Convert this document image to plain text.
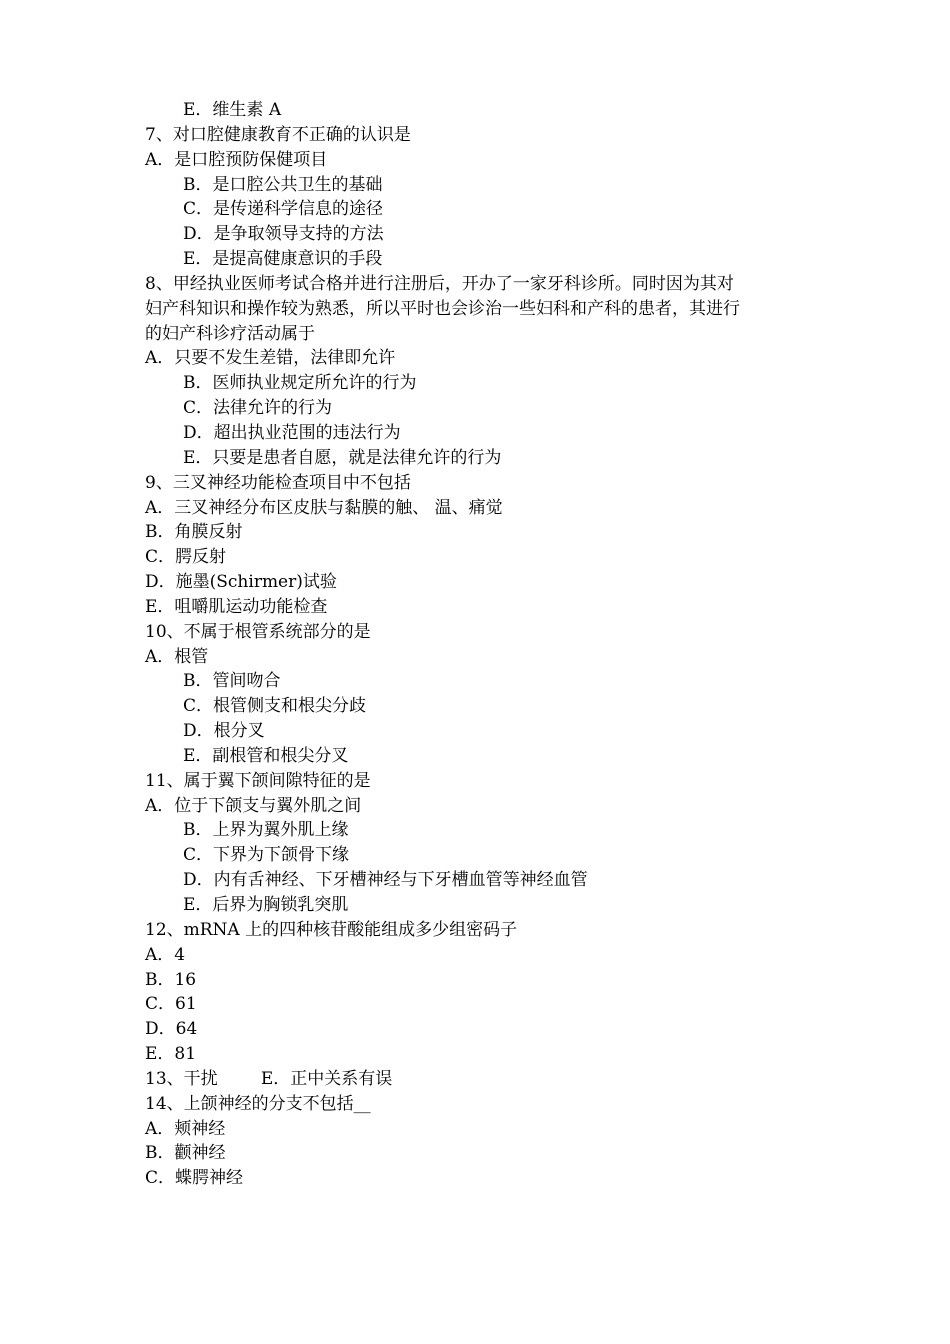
E．维生素 A
7、对口腔健康教育不正确的认识是
A．是口腔预防保健项目
B．是口腔公共卫生的基础
C．是传递科学信息的途径
D．是争取领导支持的方法
E．是提高健康意识的手段
8、甲经执业医师考试合格并进行注册后，开办了一家牙科诊所。同时因为其对
妇产科知识和操作较为熟悉，所以平时也会诊治一些妇科和产科的患者，其进行
的妇产科诊疗活动属于
A．只要不发生差错，法律即允许
B．医师执业规定所允许的行为
C．法律允许的行为
D．超出执业范围的违法行为
E．只要是患者自愿，就是法律允许的行为
9、三叉神经功能检查项目中不包括
A．三叉神经分布区皮肤与黏膜的触、 温、痛觉
B．角膜反射
C．腭反射
D．施墨(Schirmer)试验
E．咀嚼肌运动功能检查
10、不属于根管系统部分的是
A．根管
B．管间吻合
C．根管侧支和根尖分歧
D．根分叉
E．副根管和根尖分叉
11、属于翼下颌间隙特征的是
A．位于下颌支与翼外肌之间
B．上界为翼外肌上缘
C．下界为下颌骨下缘
D．内有舌神经、下牙槽神经与下牙槽血管等神经血管
E．后界为胸锁乳突肌
12、mRNA 上的四种核苷酸能组成多少组密码子
A．4
B．16
C．61
D．64
E．81
13、干扰        E．正中关系有误
14、上颌神经的分支不包括__
A．颊神经
B．颧神经
C．蝶腭神经
